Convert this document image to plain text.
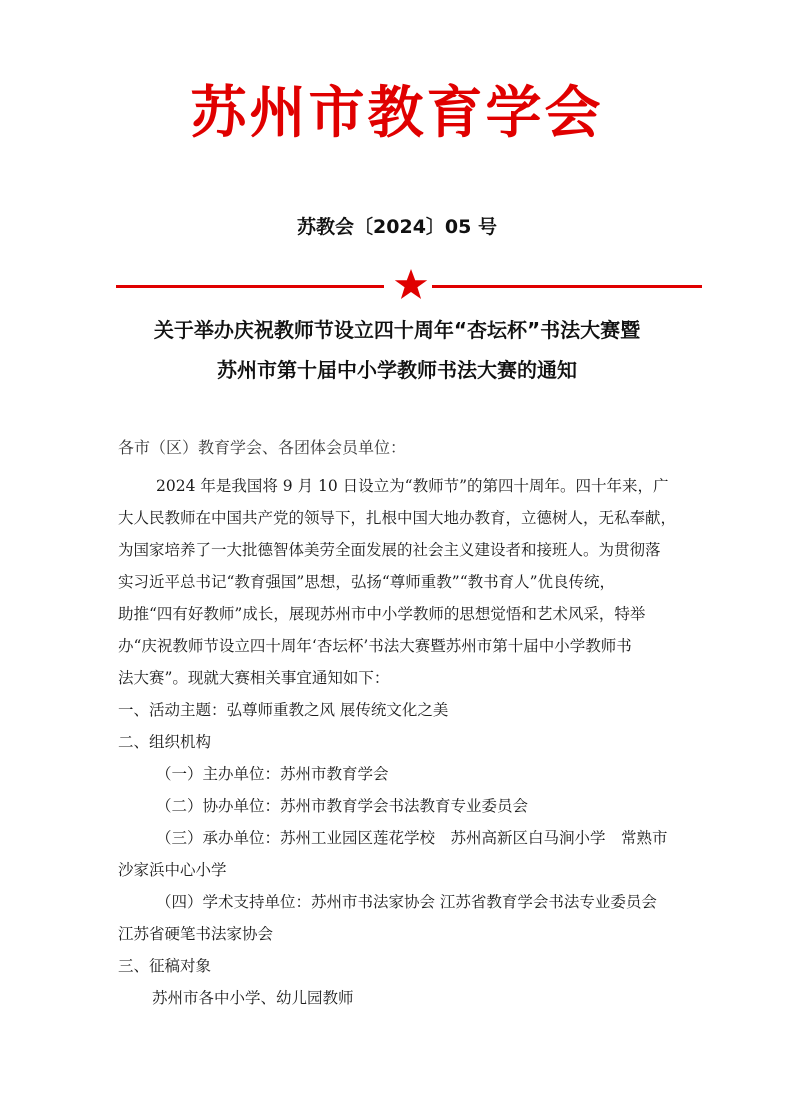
苏州市教育学会
苏教会〔2024〕05 号
关于举办庆祝教师节设立四十周年“杏坛杯”书法大赛暨
苏州市第十届中小学教师书法大赛的通知
各市（区）教育学会、各团体会员单位：
2024 年是我国将 9 月 10 日设立为“教师节”的第四十周年。四十年来，广
大人民教师在中国共产党的领导下，扎根中国大地办教育，立德树人，无私奉献，
为国家培养了一大批德智体美劳全面发展的社会主义建设者和接班人。为贯彻落
实习近平总书记“教育强国”思想，弘扬“尊师重教”“教书育人”优良传统，
助推“四有好教师”成长，展现苏州市中小学教师的思想觉悟和艺术风采，特举
办“庆祝教师节设立四十周年‘杏坛杯’书法大赛暨苏州市第十届中小学教师书
法大赛”。现就大赛相关事宜通知如下：
一、活动主题：弘尊师重教之风 展传统文化之美
二、组织机构
（一）主办单位：苏州市教育学会
（二）协办单位：苏州市教育学会书法教育专业委员会
（三）承办单位：苏州工业园区莲花学校　苏州高新区白马涧小学　常熟市
沙家浜中心小学
（四）学术支持单位：苏州市书法家协会 江苏省教育学会书法专业委员会
江苏省硬笔书法家协会
三、征稿对象
苏州市各中小学、幼儿园教师
